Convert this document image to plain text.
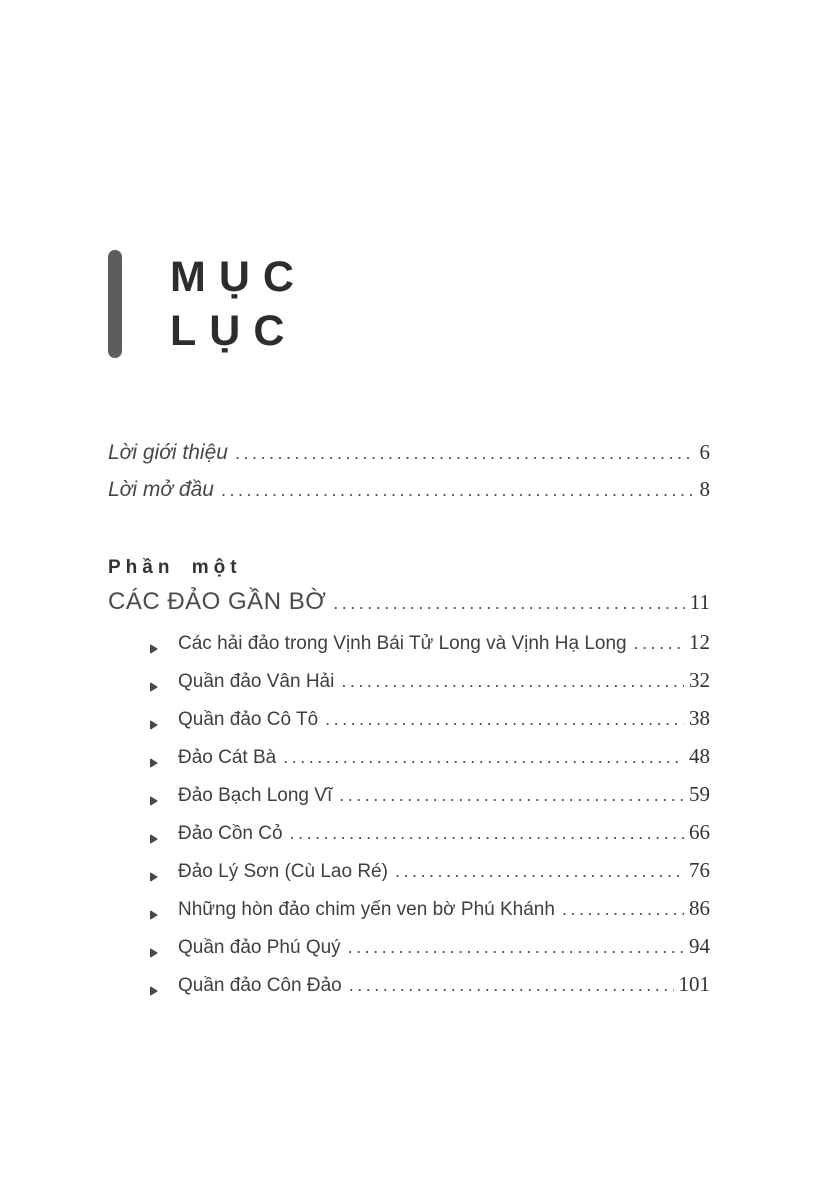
MỤC
LỤC
Lời giới thiệu .....	6
Lời mở đầu .....	8
Phần một
CÁC ĐẢO GẦN BỜ .....	11
Các hải đảo trong Vịnh Bái Tử Long và Vịnh Hạ Long .....	12
Quần đảo Vân Hải .....	32
Quần đảo Cô Tô .....	38
Đảo Cát Bà .....	48
Đảo Bạch Long Vĩ .....	59
Đảo Cồn Cỏ .....	66
Đảo Lý Sơn (Cù Lao Ré) .....	76
Những hòn đảo chim yến ven bờ Phú Khánh .....	86
Quần đảo Phú Quý .....	94
Quần đảo Côn Đảo .....	101
